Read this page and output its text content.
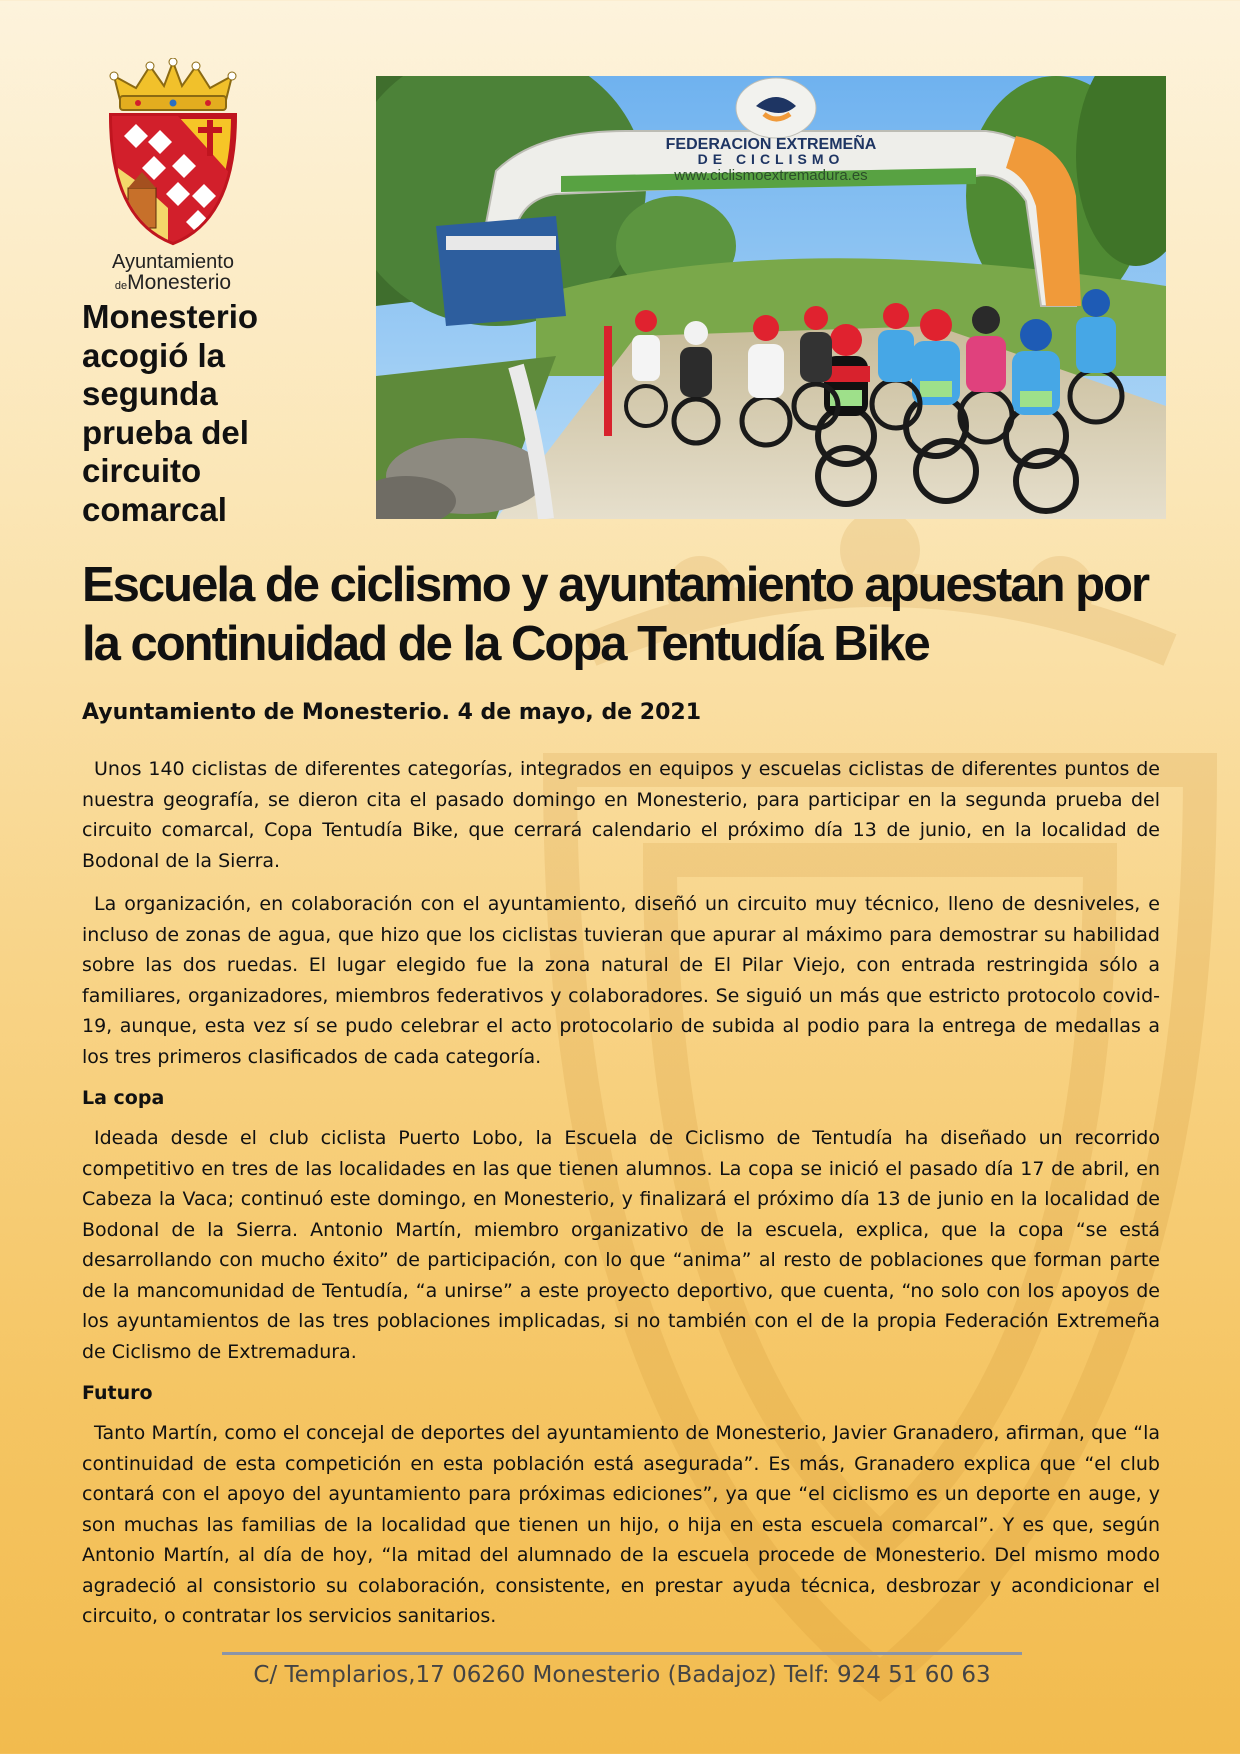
Ayuntamiento
deMonesterio
Monesterio acogió la segunda prueba del circuito comarcal
FEDERACION EXTREMEÑA
DE CICLISMO
www.ciclismoextremadura.es
Escuela de ciclismo y ayuntamiento apuestan por la continuidad de la Copa Tentudía Bike

Ayuntamiento de Monesterio. 4 de mayo, de 2021

Unos 140 ciclistas de diferentes categorías, integrados en equipos y escuelas ciclistas de diferentes puntos de nuestra geografía, se dieron cita el pasado domingo en Monesterio, para participar en la segunda prueba del circuito comarcal, Copa Tentudía Bike, que cerrará calendario el próximo día 13 de junio, en la localidad de Bodonal de la Sierra.

La organización, en colaboración con el ayuntamiento, diseñó un circuito muy técnico, lleno de desniveles, e incluso de zonas de agua, que hizo que los ciclistas tuvieran que apurar al máximo para demostrar su habilidad sobre las dos ruedas. El lugar elegido fue la zona natural de El Pilar Viejo, con entrada restringida sólo a familiares, organizadores, miembros federativos y colaboradores. Se siguió un más que estricto protocolo covid-19, aunque, esta vez sí se pudo celebrar el acto protocolario de subida al podio para la entrega de medallas a los tres primeros clasificados de cada categoría.

La copa

Ideada desde el club ciclista Puerto Lobo, la Escuela de Ciclismo de Tentudía ha diseñado un recorrido competitivo en tres de las localidades en las que tienen alumnos. La copa se inició el pasado día 17 de abril, en Cabeza la Vaca; continuó este domingo, en Monesterio, y finalizará el próximo día 13 de junio en la localidad de Bodonal de la Sierra. Antonio Martín, miembro organizativo de la escuela, explica, que la copa “se está desarrollando con mucho éxito” de participación, con lo que “anima” al resto de poblaciones que forman parte de la mancomunidad de Tentudía, “a unirse” a este proyecto deportivo, que cuenta, “no solo con los apoyos de los ayuntamientos de las tres poblaciones implicadas, si no también con el de la propia Federación Extremeña de Ciclismo de Extremadura.

Futuro

Tanto Martín, como el concejal de deportes del ayuntamiento de Monesterio, Javier Granadero, afirman, que “la continuidad de esta competición en esta población está asegurada”. Es más, Granadero explica que “el club contará con el apoyo del ayuntamiento para próximas ediciones”, ya que “el ciclismo es un deporte en auge, y son muchas las familias de la localidad que tienen un hijo, o hija en esta escuela comarcal”. Y es que, según Antonio Martín, al día de hoy, “la mitad del alumnado de la escuela procede de Monesterio. Del mismo modo agradeció al consistorio su colaboración, consistente, en prestar ayuda técnica, desbrozar y acondicionar el circuito, o contratar los servicios sanitarios.

C/ Templarios,17 06260 Monesterio (Badajoz) Telf: 924 51 60 63
